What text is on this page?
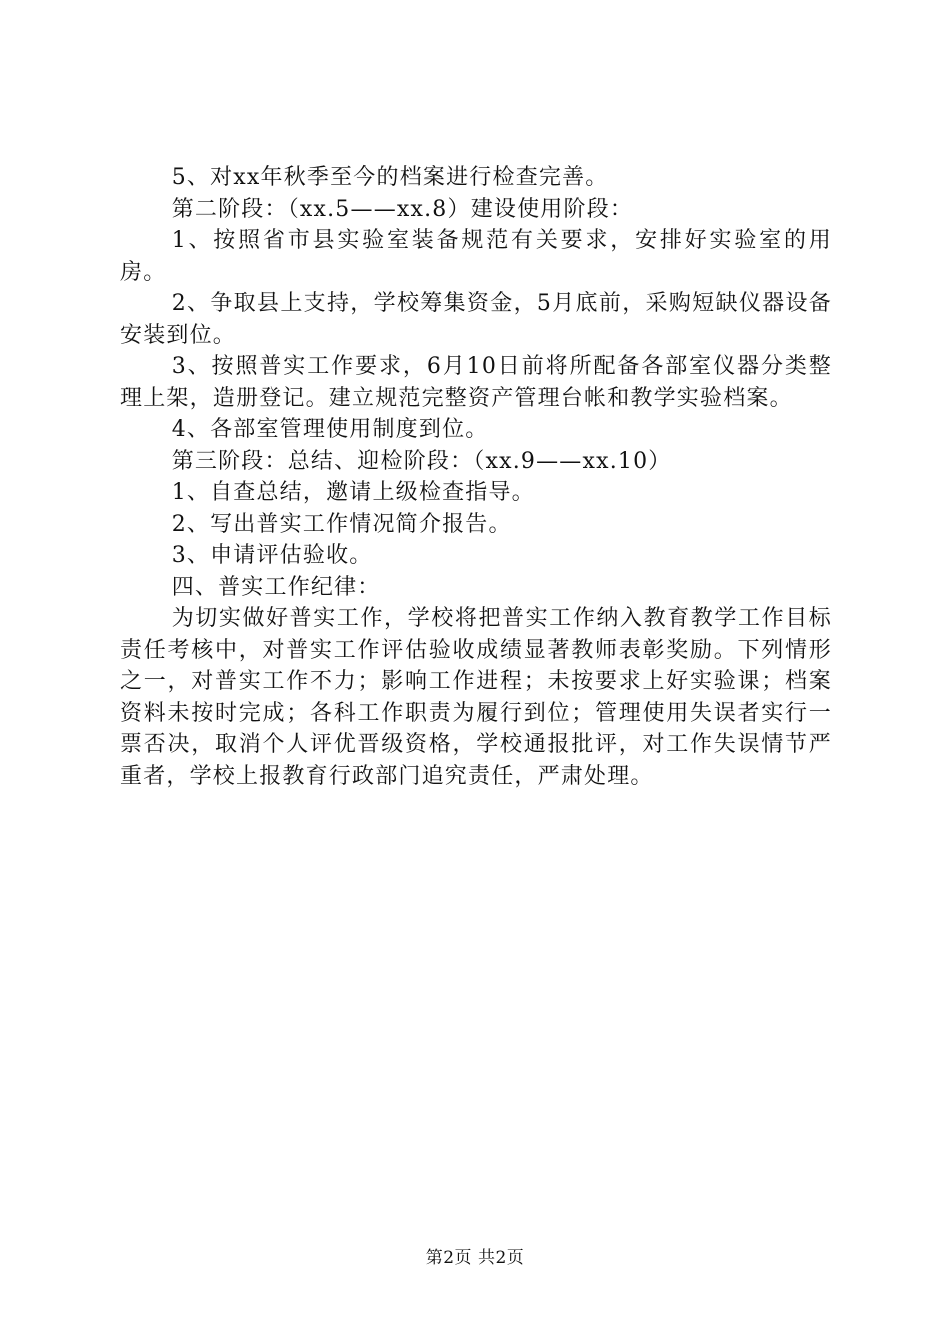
5、对xx年秋季至今的档案进行检查完善。

第二阶段：（xx.5——xx.8）建设使用阶段：

1、按照省市县实验室装备规范有关要求，安排好实验室的用房。

2、争取县上支持，学校筹集资金，5月底前，采购短缺仪器设备安装到位。

3、按照普实工作要求，6月10日前将所配备各部室仪器分类整理上架，造册登记。建立规范完整资产管理台帐和教学实验档案。

4、各部室管理使用制度到位。

第三阶段：总结、迎检阶段：（xx.9——xx.10）

1、自查总结，邀请上级检查指导。

2、写出普实工作情况简介报告。

3、申请评估验收。

四、普实工作纪律：

为切实做好普实工作，学校将把普实工作纳入教育教学工作目标责任考核中，对普实工作评估验收成绩显著教师表彰奖励。下列情形之一，对普实工作不力；影响工作进程；未按要求上好实验课；档案资料未按时完成；各科工作职责为履行到位；管理使用失误者实行一票否决，取消个人评优晋级资格，学校通报批评，对工作失误情节严重者，学校上报教育行政部门追究责任，严肃处理。

第2页 共2页
